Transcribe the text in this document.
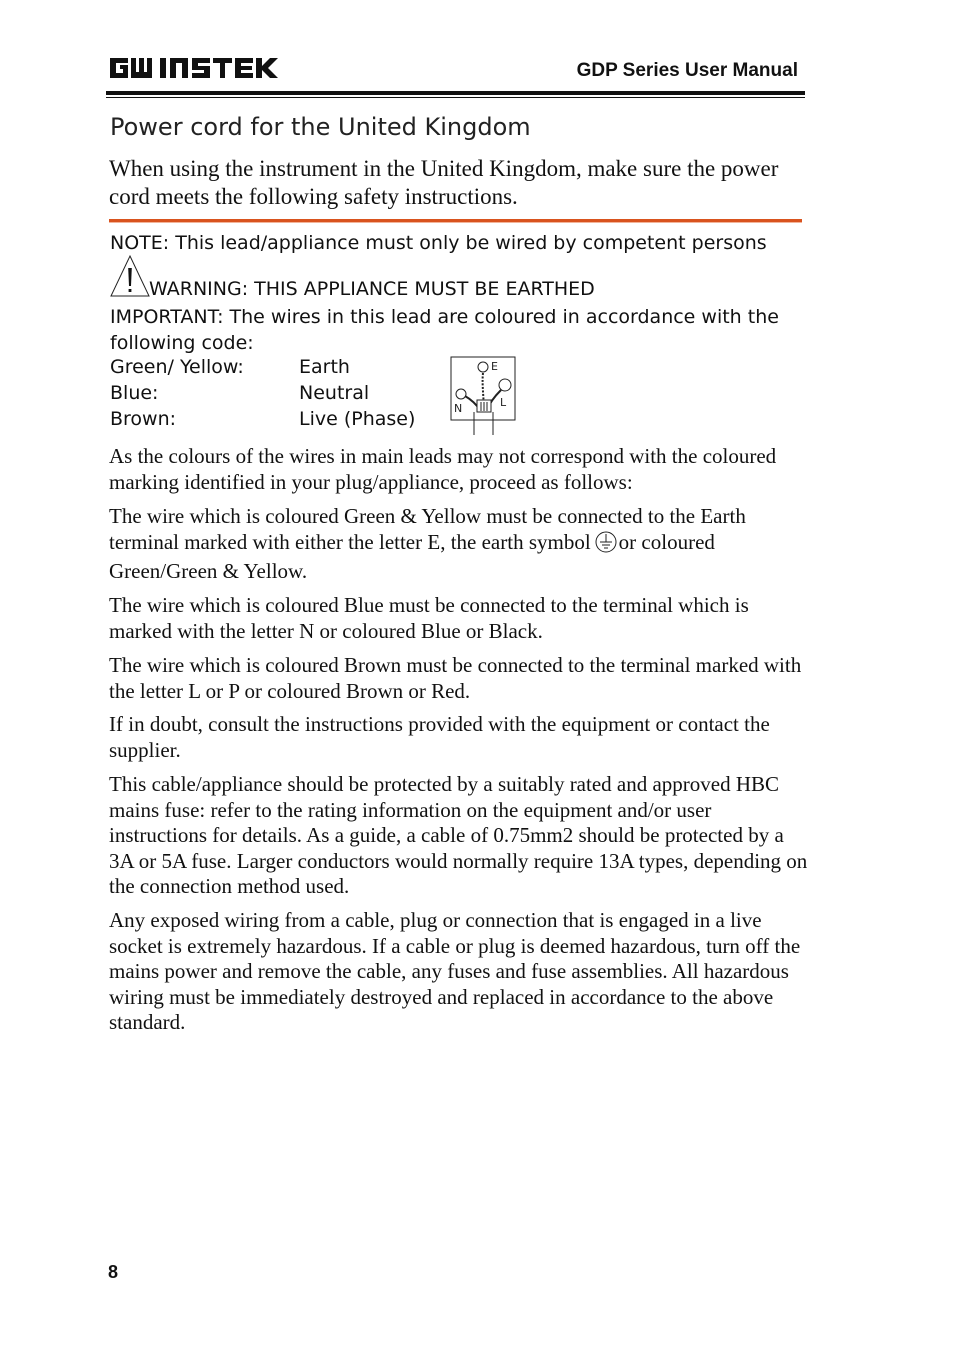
GDP Series User Manual
Power cord for the United Kingdom
When using the instrument in the United Kingdom, make sure the power cord meets the following safety instructions.
NOTE: This lead/appliance must only be wired by competent persons
WARNING: THIS APPLIANCE MUST BE EARTHED
IMPORTANT: The wires in this lead are coloured in accordance with the following code:
Green/ Yellow:	Earth
Blue:	Neutral
Brown:	Live (Phase)
E
N	L
As the colours of the wires in main leads may not correspond with the coloured marking identified in your plug/appliance, proceed as follows:
The wire which is coloured Green & Yellow must be connected to the Earth terminal marked with either the letter E, the earth symbol or coloured Green/Green & Yellow.
The wire which is coloured Blue must be connected to the terminal which is marked with the letter N or coloured Blue or Black.
The wire which is coloured Brown must be connected to the terminal marked with the letter L or P or coloured Brown or Red.
If in doubt, consult the instructions provided with the equipment or contact the supplier.
This cable/appliance should be protected by a suitably rated and approved HBC mains fuse: refer to the rating information on the equipment and/or user instructions for details. As a guide, a cable of 0.75mm2 should be protected by a 3A or 5A fuse. Larger conductors would normally require 13A types, depending on the connection method used.
Any exposed wiring from a cable, plug or connection that is engaged in a live socket is extremely hazardous. If a cable or plug is deemed hazardous, turn off the mains power and remove the cable, any fuses and fuse assemblies. All hazardous wiring must be immediately destroyed and replaced in accordance to the above standard.
8
